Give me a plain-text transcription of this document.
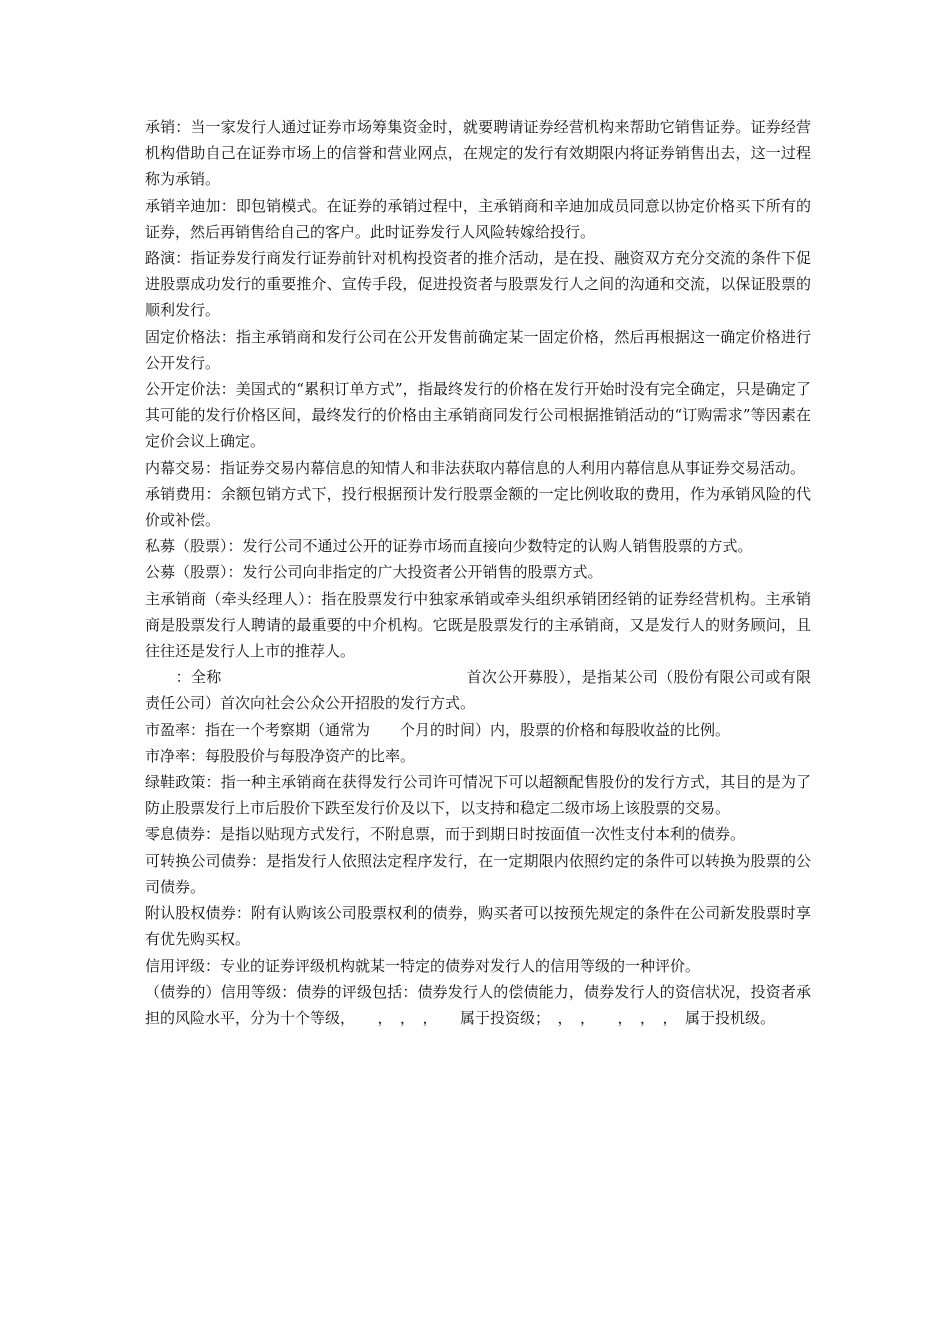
承销：当一家发行人通过证券市场筹集资金时，就要聘请证券经营机构来帮助它销售证券。证券经营机构借助自己在证券市场上的信誉和营业网点，在规定的发行有效期限内将证券销售出去，这一过程称为承销。

承销辛迪加：即包销模式。在证券的承销过程中，主承销商和辛迪加成员同意以协定价格买下所有的证券，然后再销售给自己的客户。此时证券发行人风险转嫁给投行。

路演：指证券发行商发行证券前针对机构投资者的推介活动，是在投、融资双方充分交流的条件下促进股票成功发行的重要推介、宣传手段，促进投资者与股票发行人之间的沟通和交流，以保证股票的顺利发行。

固定价格法：指主承销商和发行公司在公开发售前确定某一固定价格，然后再根据这一确定价格进行公开发行。

公开定价法：美国式的“累积订单方式”，指最终发行的价格在发行开始时没有完全确定，只是确定了其可能的发行价格区间，最终发行的价格由主承销商同发行公司根据推销活动的“订购需求”等因素在定价会议上确定。

内幕交易：指证券交易内幕信息的知情人和非法获取内幕信息的人利用内幕信息从事证券交易活动。

承销费用：余额包销方式下，投行根据预计发行股票金额的一定比例收取的费用，作为承销风险的代价或补偿。

私募（股票）：发行公司不通过公开的证券市场而直接向少数特定的认购人销售股票的方式。

公募（股票）：发行公司向非指定的广大投资者公开销售的股票方式。

主承销商（牵头经理人）：指在股票发行中独家承销或牵头组织承销团经销的证券经营机构。主承销商是股票发行人聘请的最重要的中介机构。它既是股票发行的主承销商，又是发行人的财务顾问，且往往还是发行人上市的推荐人。

　　：全称　　　　　　　　　　　　　　　　首次公开募股），是指某公司（股份有限公司或有限责任公司）首次向社会公众公开招股的发行方式。

市盈率：指在一个考察期（通常为　　个月的时间）内，股票的价格和每股收益的比例。

市净率：每股股价与每股净资产的比率。

绿鞋政策：指一种主承销商在获得发行公司许可情况下可以超额配售股份的发行方式，其目的是为了防止股票发行上市后股价下跌至发行价及以下，以支持和稳定二级市场上该股票的交易。

零息债券：是指以贴现方式发行，不附息票，而于到期日时按面值一次性支付本利的债券。

可转换公司债券：是指发行人依照法定程序发行，在一定期限内依照约定的条件可以转换为股票的公司债券。

附认股权债券：附有认购该公司股票权利的债券，购买者可以按预先规定的条件在公司新发股票时享有优先购买权。

信用评级：专业的证券评级机构就某一特定的债券对发行人的信用等级的一种评价。

（债券的）信用等级：债券的评级包括：债券发行人的偿债能力，债券发行人的资信状况，投资者承担的风险水平，分为十个等级，　　，　，　，　　属于投资级；　，　，　　，　，　，　属于投机级。
